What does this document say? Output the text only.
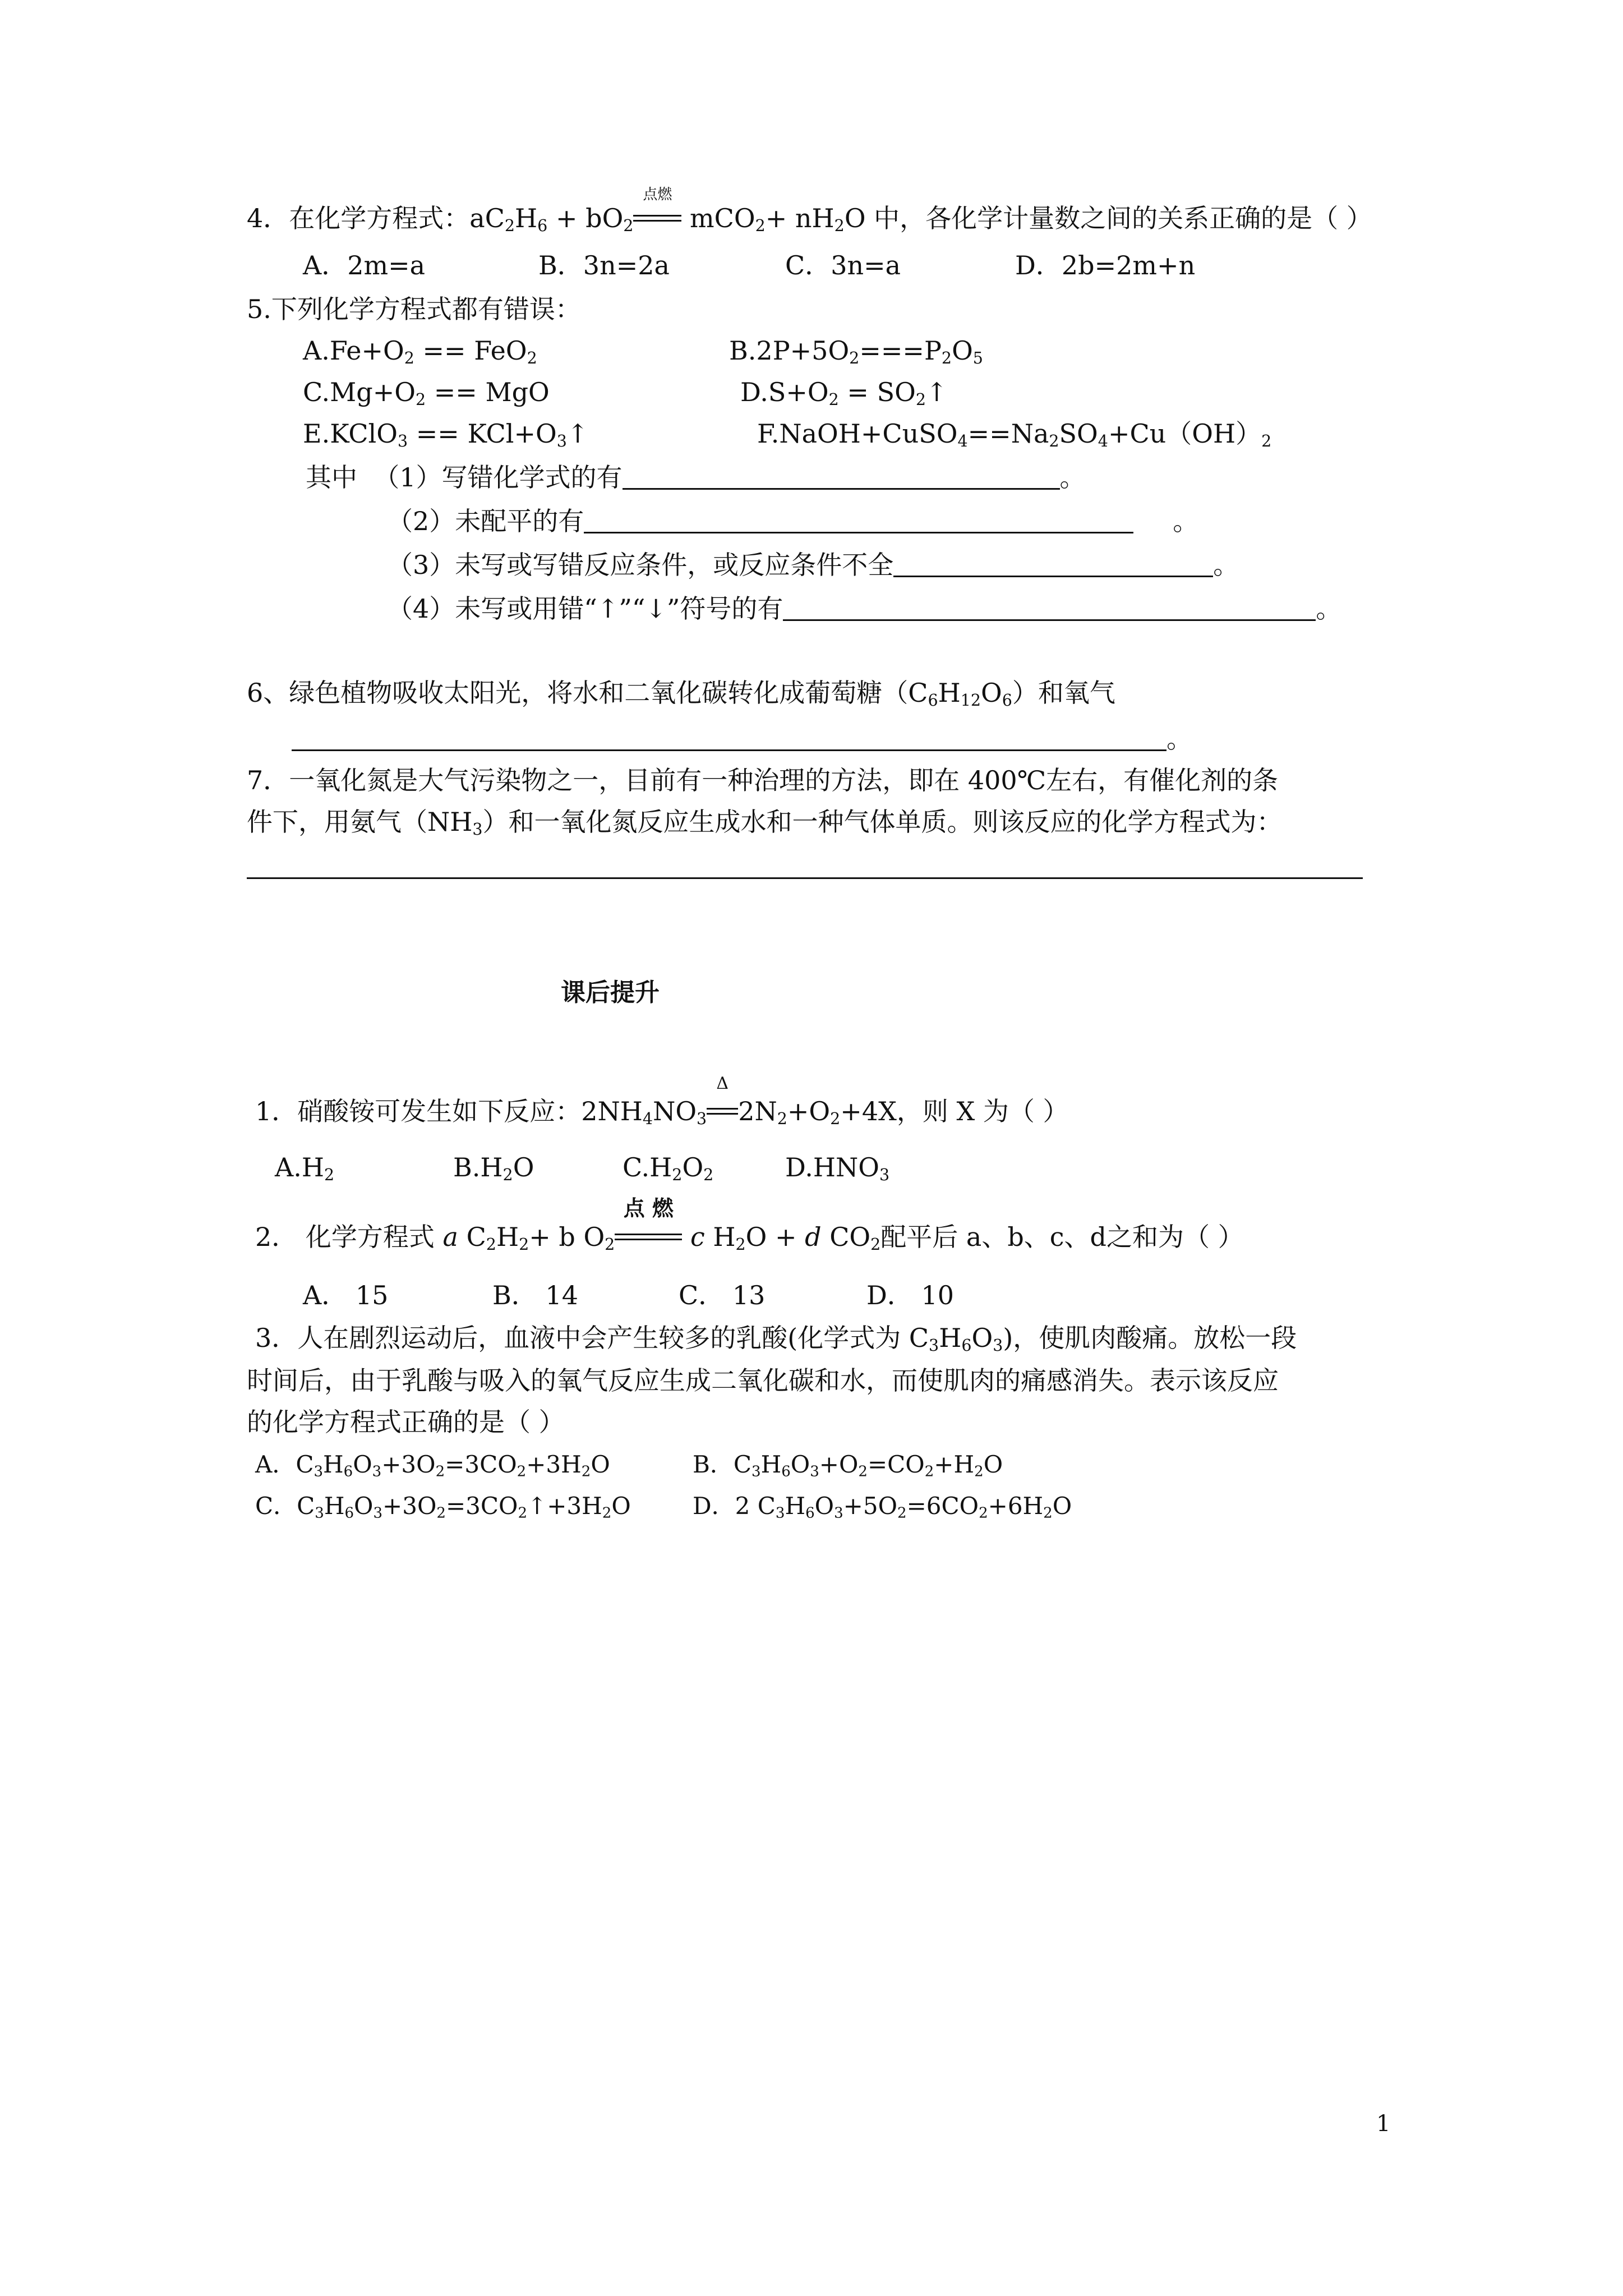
4．在化学方程式：$aC_2H_6 + bO_2$
点燃
$mCO_2+ nH_2O$ 中，各化学计量数之间的关系正确的是（ ）
A．2m=a	B．3n=2a	C．3n=a	D．2b=2m+n
5.下列化学方程式都有错误：
$A.Fe+O_2 == FeO_2$	$B.2P+5O_2===P_2O_5$
$C.Mg+O_2$ == MgO	$D.S+O_2$ = $SO_2↑$
E.KClO$_3$ == $KCl+O_3↑$	$F.NaOH+CuSO_4==Na_2SO_4+Cu(OH)_2$
其中 （1）写错化学式的有	。
（2）未配平的有	。
（3）未写或写错反应条件，或反应条件不全	。
（4）未写或用错“↑”“↓”符号的有	。
6、绿色植物吸收太阳光，将水和二氧化碳转化成葡萄糖$(C_6H_{12}O_6)$和氧气
。
7．一氧化氮是大气污染物之一，目前有一种治理的方法，即在 400℃左右，有催化剂的条
件下，用氨气$(NH_3)$和一氧化氮反应生成水和一种气体单质。则该反应的化学方程式为：
课后提升
1．硝酸铵可发生如下反应：$2NH_4NO_3$
Δ
$2N_2+O_2+4X$，则 X 为（ ）
$A.H_2$	$B.H_2O$	$C.H_2O_2$	$D.HNO_3$
2． 化学方程式 a $C_2H_2+ b$ $O_2$
点 燃
c $H_2O + d$ $CO_2$配平后 a、b、c、d之和为（ ）
A． 15	B． 14	C． 13	D． 10
3．人在剧烈运动后，血液中会产生较多的乳酸(化学式为 $C_3H_6O_3$)，使肌肉酸痛。放松一段
时间后，由于乳酸与吸入的氧气反应生成二氧化碳和水，而使肌肉的痛感消失。表示该反应
的化学方程式正确的是（ ）
A．$C_3H_6O_3+3O_2=3CO_2+3H_2O$	B．$C_3H_6O_3+O_2=CO_2+H_2O$
C．$C_3H_6O_3+3O_2=3CO_2↑+3H_2O$	D．2 $C_3H_6O_3+5O_2=6CO_2+6H_2O$
1
